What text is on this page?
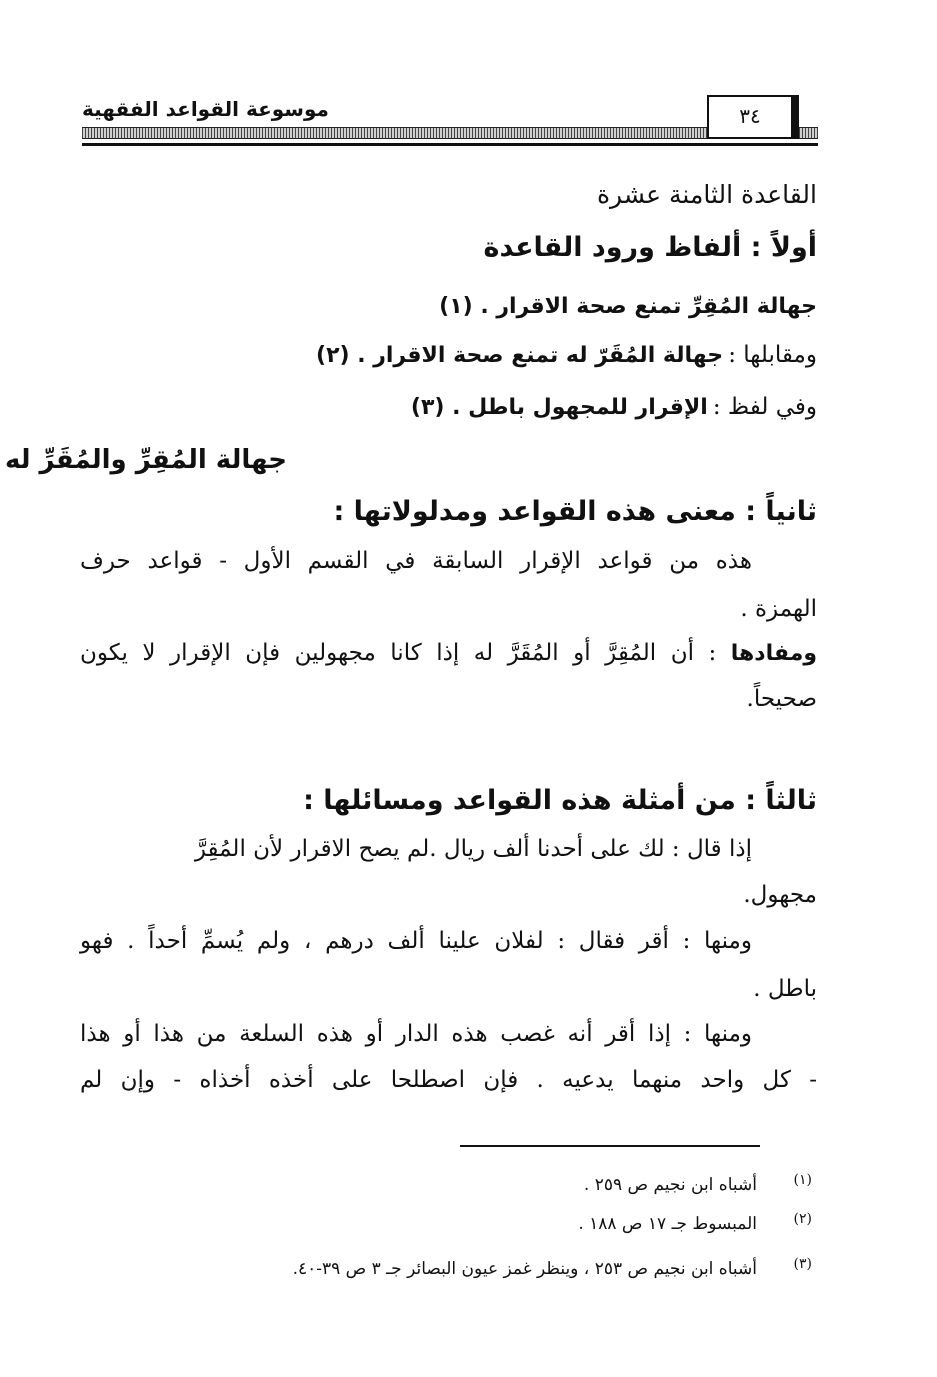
موسوعة القواعد الفقهية	٣٤
القاعدة الثامنة عشرة
أولاً : ألفاظ ورود القاعدة
جهالة المُقِرِّ تمنع صحة الاقرار . (١)
ومقابلها : جهالة المُقَرّ له تمنع صحة الاقرار . (٢)
وفي لفظ : الإقرار للمجهول باطل . (٣)
جهالة المُقِرِّ والمُقَرِّ له
ثانياً : معنى هذه القواعد ومدلولاتها :
هذه من قواعد الإقرار السابقة في القسم الأول - قواعد حرف
الهمزة .
ومفادها : أن المُقِرَّ أو المُقَرَّ له إذا كانا مجهولين فإن الإقرار لا يكون
صحيحاً.
ثالثاً : من أمثلة هذه القواعد ومسائلها :
إذا قال : لك على أحدنا ألف ريال .لم يصح الاقرار لأن المُقِرَّ
مجهول.
ومنها : أقر فقال : لفلان علينا ألف درهم ، ولم يُسمِّ أحداً . فهو
باطل .
ومنها : إذا أقر أنه غصب هذه الدار أو هذه السلعة من هذا أو هذا
- كل واحد منهما يدعيه . فإن اصطلحا على أخذه أخذاه - وإن لم
(١)
أشباه ابن نجيم ص ٢٥٩ .
(٢)
المبسوط جـ ١٧ ص ١٨٨ .
(٣)
أشباه ابن نجيم ص ٢٥٣ ، وينظر غمز عيون البصائر جـ ٣ ص ٣٩-٤٠.
